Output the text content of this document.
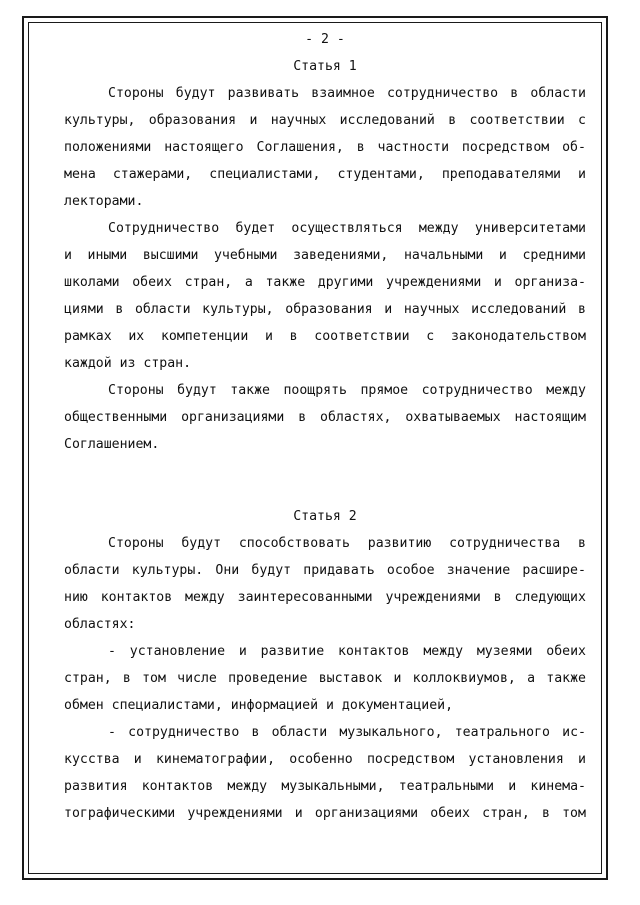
- 2 -
Статья 1
Стороны будут развивать взаимное сотрудничество в области
культуры, образования и научных исследований в соответствии с
положениями настоящего Соглашения, в частности посредством об-
мена стажерами, специалистами, студентами, преподавателями и
лекторами.
Сотрудничество будет осуществляться между университетами
и иными высшими учебными заведениями, начальными и средними
школами обеих стран, а также другими учреждениями и организа-
циями в области культуры, образования и научных исследований в
рамках их компетенции и в соответствии с законодательством
каждой из стран.
Стороны будут также поощрять прямое сотрудничество между
общественными организациями в областях, охватываемых настоящим
Соглашением.
Статья 2
Стороны будут способствовать развитию сотрудничества в
области культуры. Они будут придавать особое значение расшире-
нию контактов между заинтересованными учреждениями в следующих
областях:
- установление и развитие контактов между музеями обеих
стран, в том числе проведение выставок и коллоквиумов, а также
обмен специалистами, информацией и документацией,
- сотрудничество в области музыкального, театрального ис-
кусства и кинематографии, особенно посредством установления и
развития контактов между музыкальными, театральными и кинема-
тографическими учреждениями и организациями обеих стран, в том
